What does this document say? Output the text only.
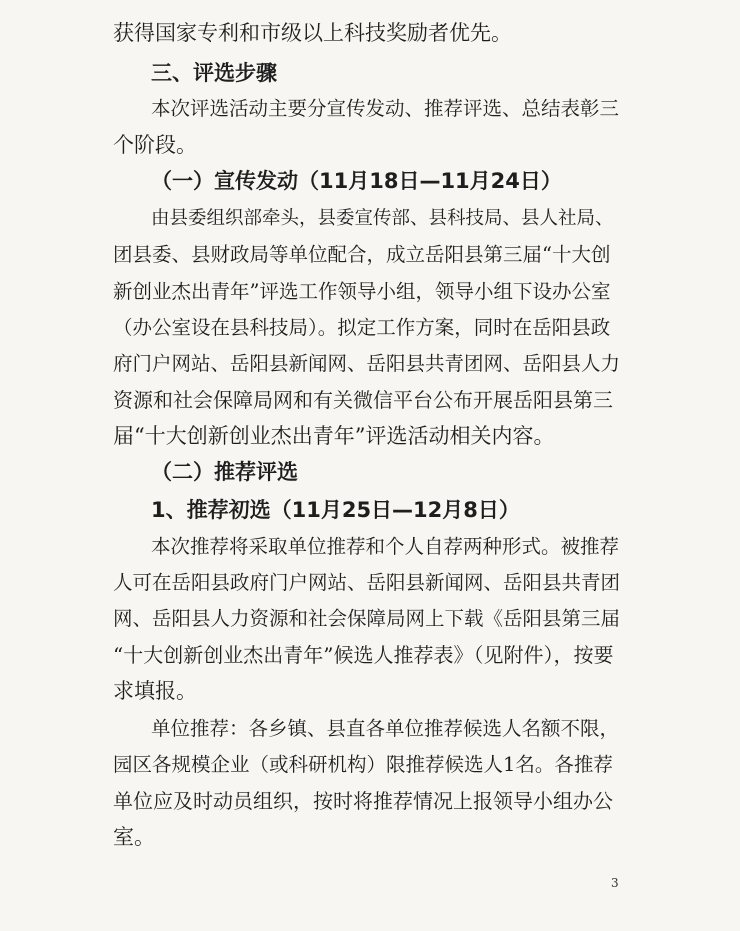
获得国家专利和市级以上科技奖励者优先。
三、评选步骤
本次评选活动主要分宣传发动、推荐评选、总结表彰三
个阶段。
（一）宣传发动（11月18日—11月24日）
由县委组织部牵头，县委宣传部、县科技局、县人社局、
团县委、县财政局等单位配合，成立岳阳县第三届“十大创
新创业杰出青年”评选工作领导小组，领导小组下设办公室
（办公室设在县科技局）。拟定工作方案，同时在岳阳县政
府门户网站、岳阳县新闻网、岳阳县共青团网、岳阳县人力
资源和社会保障局网和有关微信平台公布开展岳阳县第三
届“十大创新创业杰出青年”评选活动相关内容。
（二）推荐评选
1、推荐初选（11月25日—12月8日）
本次推荐将采取单位推荐和个人自荐两种形式。被推荐
人可在岳阳县政府门户网站、岳阳县新闻网、岳阳县共青团
网、岳阳县人力资源和社会保障局网上下载《岳阳县第三届
“十大创新创业杰出青年”候选人推荐表》（见附件），按要
求填报。
单位推荐：各乡镇、县直各单位推荐候选人名额不限，
园区各规模企业（或科研机构）限推荐候选人1名。各推荐
单位应及时动员组织，按时将推荐情况上报领导小组办公
室。
3
